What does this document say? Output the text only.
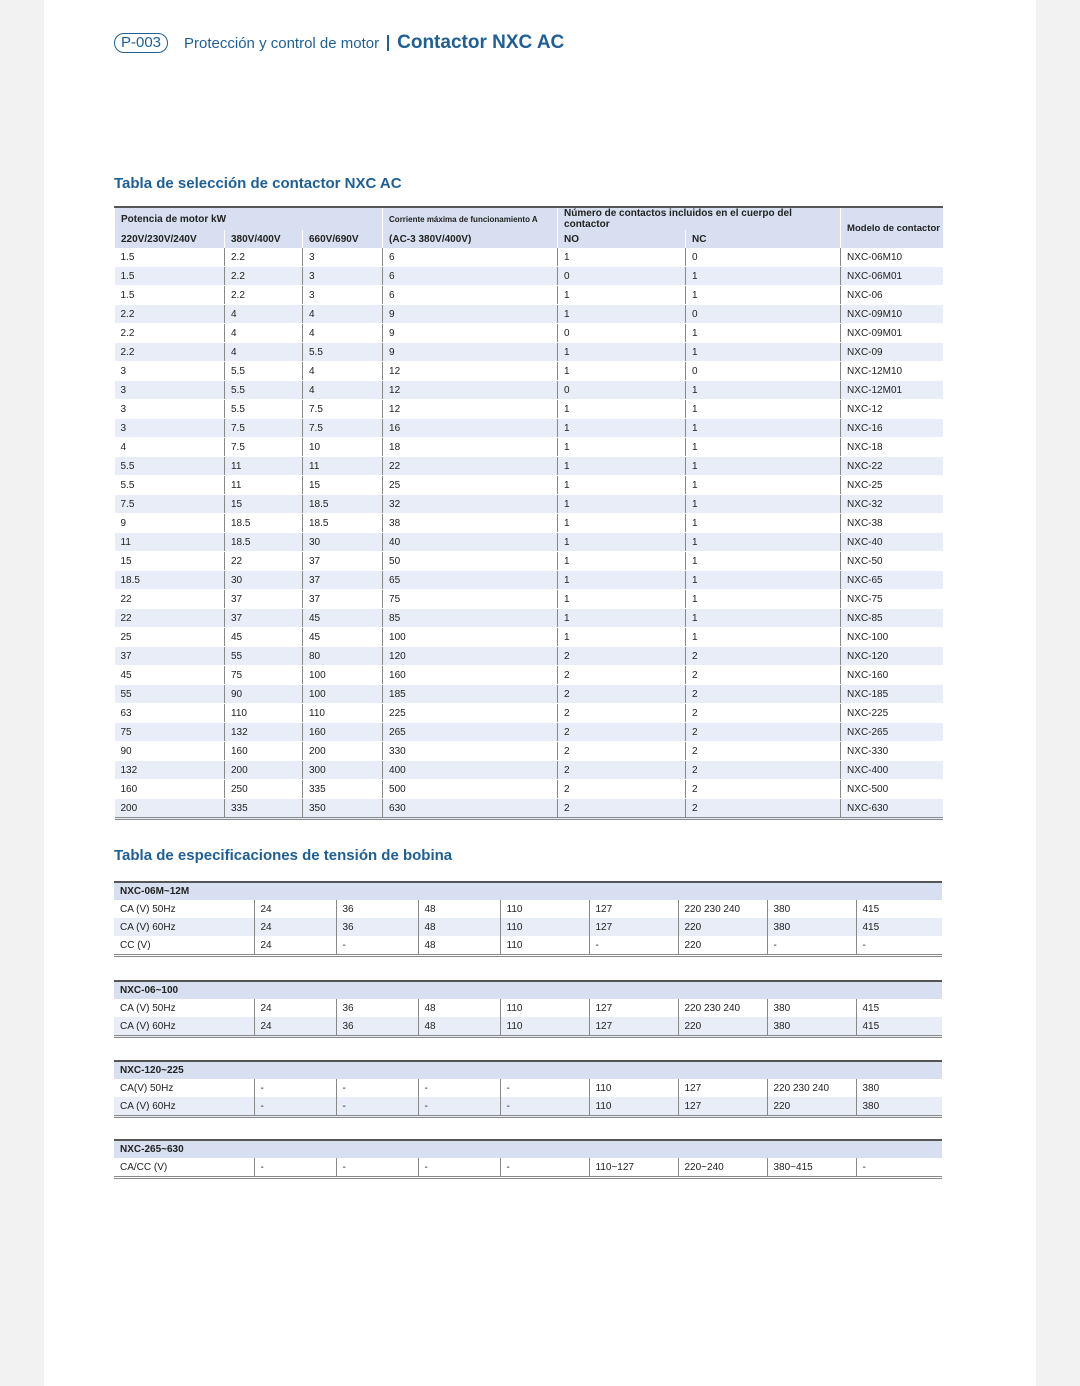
P-003	Protección y control de motor Contactor NXC AC
Tabla de selección de contactor NXC AC
Potencia de motor kW			Corriente máxima de funcionamiento A	Número de contactos incluidos en el cuerpo del contactor		Modelo de contactor
220V/230V/240V	380V/400V	660V/690V	(AC-3 380V/400V)	NO	NC	
1.5	2.2	3	6	1	0	NXC-06M10
1.5	2.2	3	6	0	1	NXC-06M01
1.5	2.2	3	6	1	1	NXC-06
2.2	4	4	9	1	0	NXC-09M10
2.2	4	4	9	0	1	NXC-09M01
2.2	4	5.5	9	1	1	NXC-09
3	5.5	4	12	1	0	NXC-12M10
3	5.5	4	12	0	1	NXC-12M01
3	5.5	7.5	12	1	1	NXC-12
3	7.5	7.5	16	1	1	NXC-16
4	7.5	10	18	1	1	NXC-18
5.5	11	11	22	1	1	NXC-22
5.5	11	15	25	1	1	NXC-25
7.5	15	18.5	32	1	1	NXC-32
9	18.5	18.5	38	1	1	NXC-38
11	18.5	30	40	1	1	NXC-40
15	22	37	50	1	1	NXC-50
18.5	30	37	65	1	1	NXC-65
22	37	37	75	1	1	NXC-75
22	37	45	85	1	1	NXC-85
25	45	45	100	1	1	NXC-100
37	55	80	120	2	2	NXC-120
45	75	100	160	2	2	NXC-160
55	90	100	185	2	2	NXC-185
63	110	110	225	2	2	NXC-225
75	132	160	265	2	2	NXC-265
90	160	200	330	2	2	NXC-330
132	200	300	400	2	2	NXC-400
160	250	335	500	2	2	NXC-500
200	335	350	630	2	2	NXC-630
Tabla de especificaciones de tensión de bobina
NXC-06M~12M								
CA (V) 50Hz	24	36	48	110	127	220 230 240	380	415
CA (V) 60Hz	24	36	48	110	127	220	380	415
CC (V)	24	-	48	110	-	220	-	-
NXC-06~100								
CA (V) 50Hz	24	36	48	110	127	220 230 240	380	415
CA (V) 60Hz	24	36	48	110	127	220	380	415
NXC-120~225								
CA(V) 50Hz	-	-	-	-	110	127	220 230 240	380
CA (V) 60Hz	-	-	-	-	110	127	220	380
NXC-265~630
CA/CC (V)	-	-	-	-	110~127	220~240	380~415	-
